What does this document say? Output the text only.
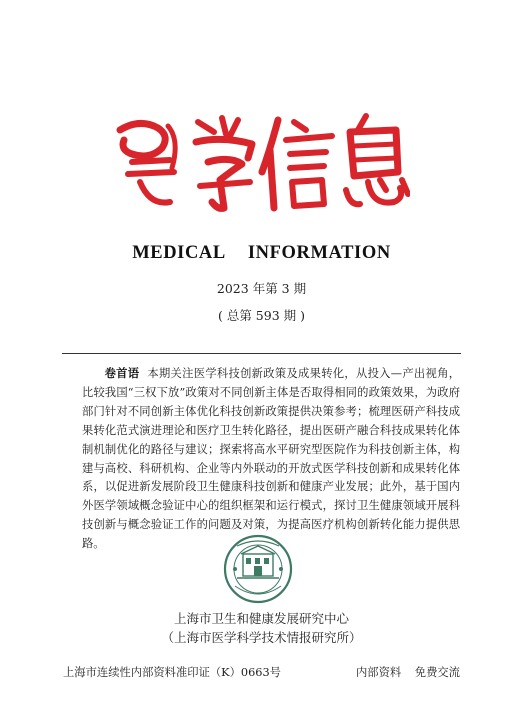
MEDICAL INFORMATION
2023 年第 3 期
( 总第 593 期 )
卷首语 本期关注医学科技创新政策及成果转化，从投入—产出视角，比较我国“三权下放”政策对不同创新主体是否取得相同的政策效果，为政府部门针对不同创新主体优化科技创新政策提供决策参考；梳理医研产科技成果转化范式演进理论和医疗卫生转化路径，提出医研产融合科技成果转化体制机制优化的路径与建议；探索将高水平研究型医院作为科技创新主体，构建与高校、科研机构、企业等内外联动的开放式医学科技创新和成果转化体系，以促进新发展阶段卫生健康科技创新和健康产业发展；此外，基于国内外医学领域概念验证中心的组织框架和运行模式，探讨卫生健康领域开展科技创新与概念验证工作的问题及对策，为提高医疗机构创新转化能力提供思路。
上海市卫生和健康发展研究中心
（上海市医学科学技术情报研究所）
上海市连续性内部资料准印证（K）0663号	内部资料 免费交流
